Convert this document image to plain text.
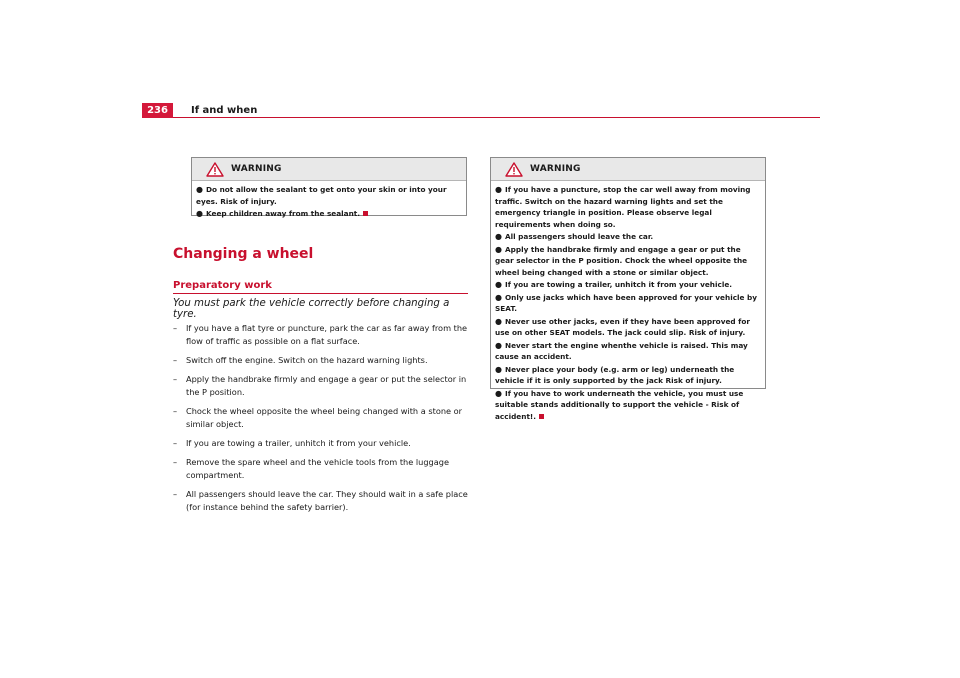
236	If and when
WARNING

● Do not allow the sealant to get onto your skin or into your eyes. Risk of injury.

● Keep children away from the sealant.

Changing a wheel
Preparatory work
You must park the vehicle correctly before changing a tyre.
– If you have a flat tyre or puncture, park the car as far away from the flow of traffic as possible on a flat surface.
– Switch off the engine. Switch on the hazard warning lights.
– Apply the handbrake firmly and engage a gear or put the selector in the P position.
– Chock the wheel opposite the wheel being changed with a stone or similar object.
– If you are towing a trailer, unhitch it from your vehicle.
– Remove the spare wheel and the vehicle tools from the luggage compartment.
– All passengers should leave the car. They should wait in a safe place (for instance behind the safety barrier).
WARNING

● If you have a puncture, stop the car well away from moving traffic. Switch on the hazard warning lights and set the emergency triangle in position. Please observe legal requirements when doing so.

● All passengers should leave the car.

● Apply the handbrake firmly and engage a gear or put the gear selector in the P position. Chock the wheel opposite the wheel being changed with a stone or similar object.

● If you are towing a trailer, unhitch it from your vehicle.

● Only use jacks which have been approved for your vehicle by SEAT.

● Never use other jacks, even if they have been approved for use on other SEAT models. The jack could slip. Risk of injury.

● Never start the engine whenthe vehicle is raised. This may cause an accident.

● Never place your body (e.g. arm or leg) underneath the vehicle if it is only supported by the jack Risk of injury.

● If you have to work underneath the vehicle, you must use suitable stands additionally to support the vehicle - Risk of accident!.
